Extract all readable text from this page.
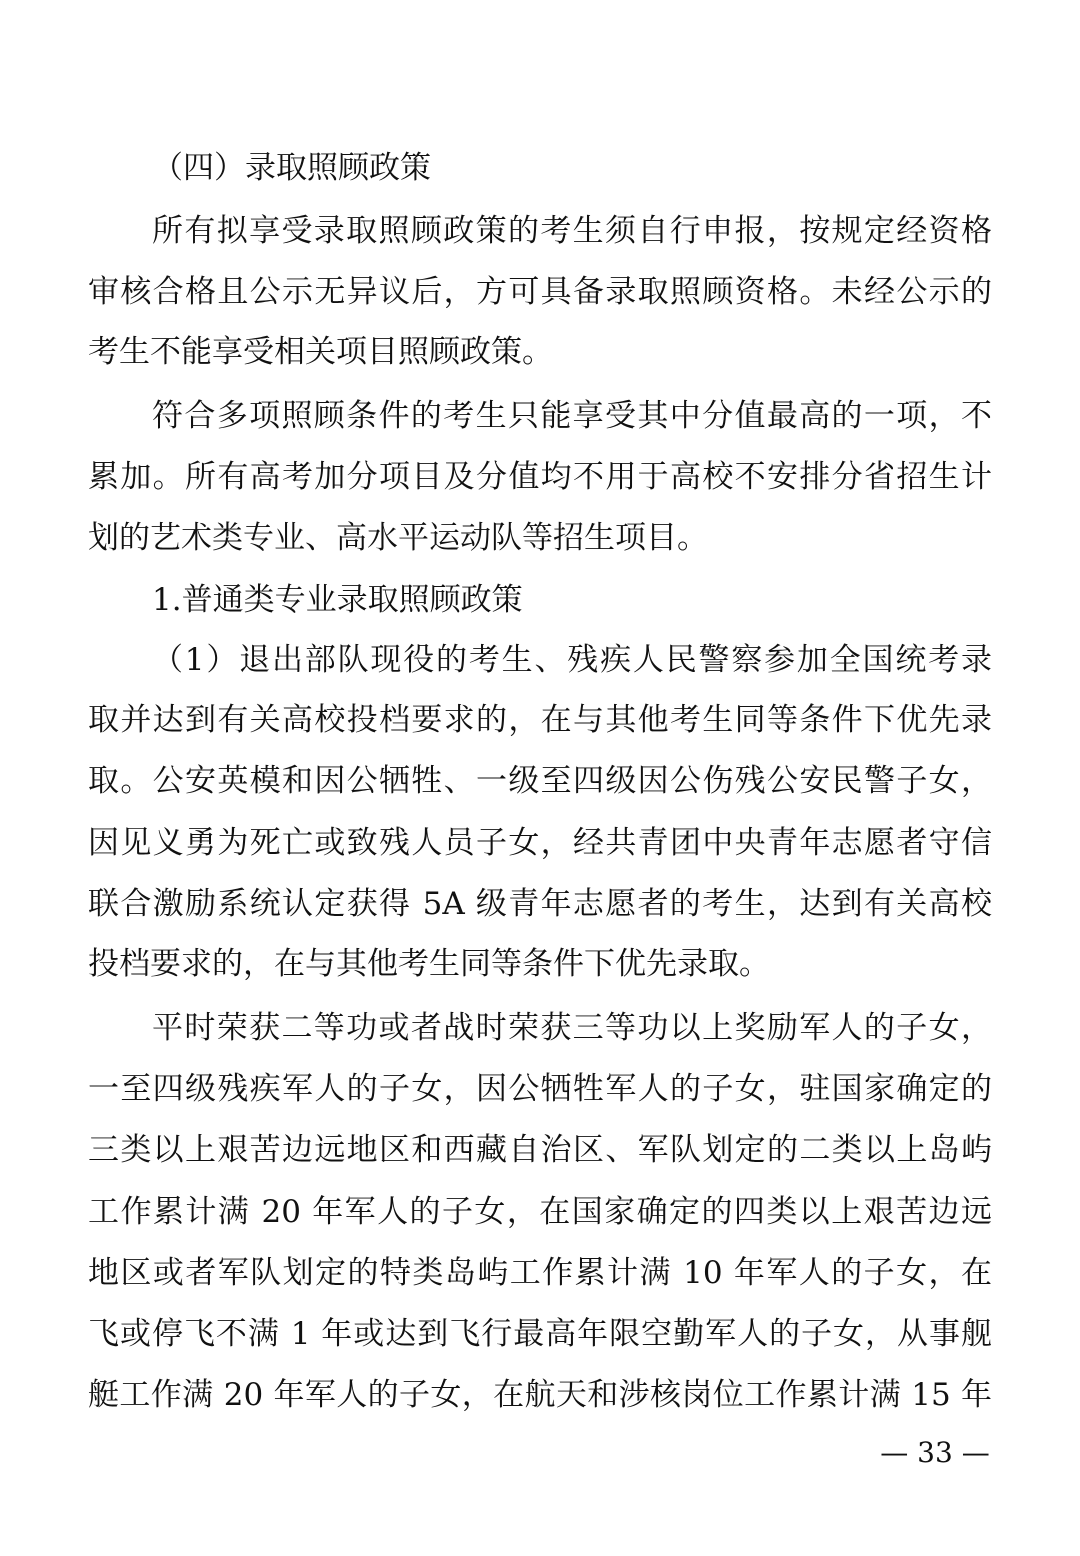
（四）录取照顾政策
所有拟享受录取照顾政策的考生须自行申报，按规定经资格
审核合格且公示无异议后，方可具备录取照顾资格。未经公示的
考生不能享受相关项目照顾政策。
符合多项照顾条件的考生只能享受其中分值最高的一项，不
累加。所有高考加分项目及分值均不用于高校不安排分省招生计
划的艺术类专业、高水平运动队等招生项目。
1.普通类专业录取照顾政策
（1）退出部队现役的考生、残疾人民警察参加全国统考录
取并达到有关高校投档要求的，在与其他考生同等条件下优先录
取。公安英模和因公牺牲、一级至四级因公伤残公安民警子女，
因见义勇为死亡或致残人员子女，经共青团中央青年志愿者守信
联合激励系统认定获得 5A 级青年志愿者的考生，达到有关高校
投档要求的，在与其他考生同等条件下优先录取。
平时荣获二等功或者战时荣获三等功以上奖励军人的子女，
一至四级残疾军人的子女，因公牺牲军人的子女，驻国家确定的
三类以上艰苦边远地区和西藏自治区、军队划定的二类以上岛屿
工作累计满 20 年军人的子女，在国家确定的四类以上艰苦边远
地区或者军队划定的特类岛屿工作累计满 10 年军人的子女，在
飞或停飞不满 1 年或达到飞行最高年限空勤军人的子女，从事舰
艇工作满 20 年军人的子女，在航天和涉核岗位工作累计满 15 年
— 33 —
